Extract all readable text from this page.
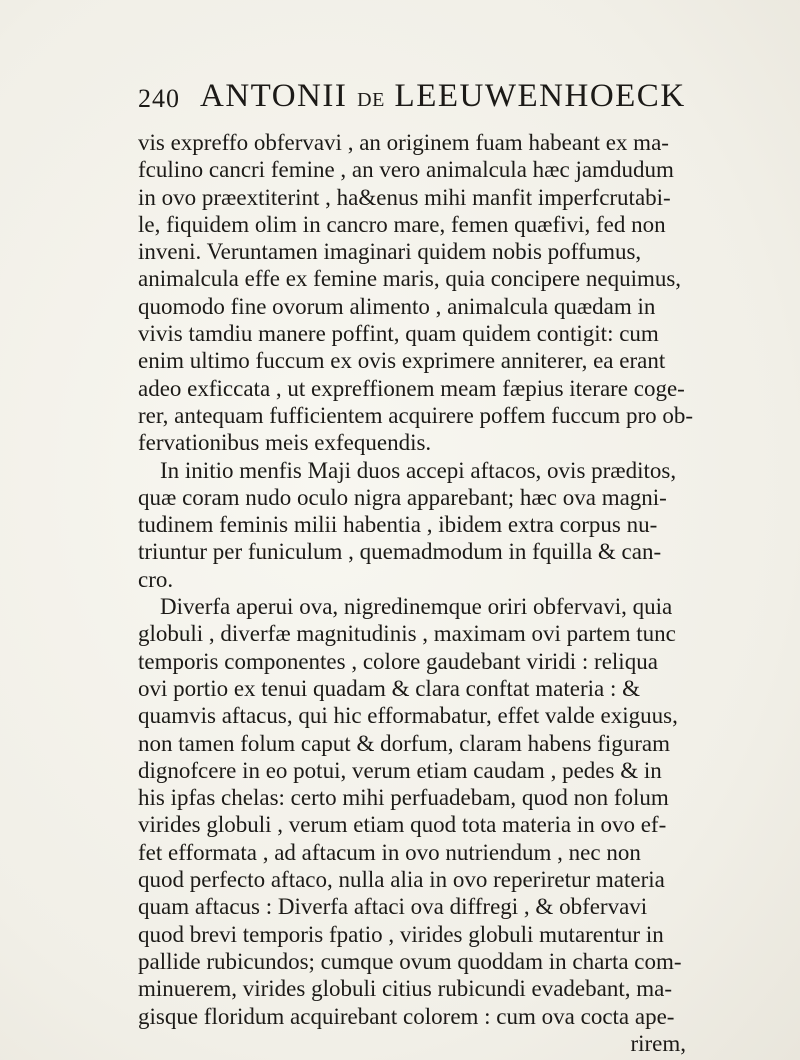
240 ANTONII DE LEEUWENHOECK
vis expreffo obfervavi , an originem fuam habeant ex ma-
fculino cancri femine , an vero animalcula hæc jamdudum
in ovo præextiterint , ha&enus mihi manfit imperfcrutabi-
le, fiquidem olim in cancro mare, femen quæfivi, fed non
inveni. Veruntamen imaginari quidem nobis poffumus,
animalcula effe ex femine maris, quia concipere nequimus,
quomodo fine ovorum alimento , animalcula quædam in
vivis tamdiu manere poffint, quam quidem contigit: cum
enim ultimo fuccum ex ovis exprimere anniterer, ea erant
adeo exficcata , ut expreffionem meam fæpius iterare coge-
rer, antequam fufficientem acquirere poffem fuccum pro ob-
fervationibus meis exfequendis.
In initio menfis Maji duos accepi aftacos, ovis præditos,
quæ coram nudo oculo nigra apparebant; hæc ova magni-
tudinem feminis milii habentia , ibidem extra corpus nu-
triuntur per funiculum , quemadmodum in fquilla & can-
cro.
Diverfa aperui ova, nigredinemque oriri obfervavi, quia
globuli , diverfæ magnitudinis , maximam ovi partem tunc
temporis componentes , colore gaudebant viridi : reliqua
ovi portio ex tenui quadam & clara conftat materia : &
quamvis aftacus, qui hic efformabatur, effet valde exiguus,
non tamen folum caput & dorfum, claram habens figuram
dignofcere in eo potui, verum etiam caudam , pedes & in
his ipfas chelas: certo mihi perfuadebam, quod non folum
virides globuli , verum etiam quod tota materia in ovo ef-
fet efformata , ad aftacum in ovo nutriendum , nec non
quod perfecto aftaco, nulla alia in ovo reperiretur materia
quam aftacus : Diverfa aftaci ova diffregi , & obfervavi
quod brevi temporis fpatio , virides globuli mutarentur in
pallide rubicundos; cumque ovum quoddam in charta com-
minuerem, virides globuli citius rubicundi evadebant, ma-
gisque floridum acquirebant colorem : cum ova cocta ape-
rirem,
